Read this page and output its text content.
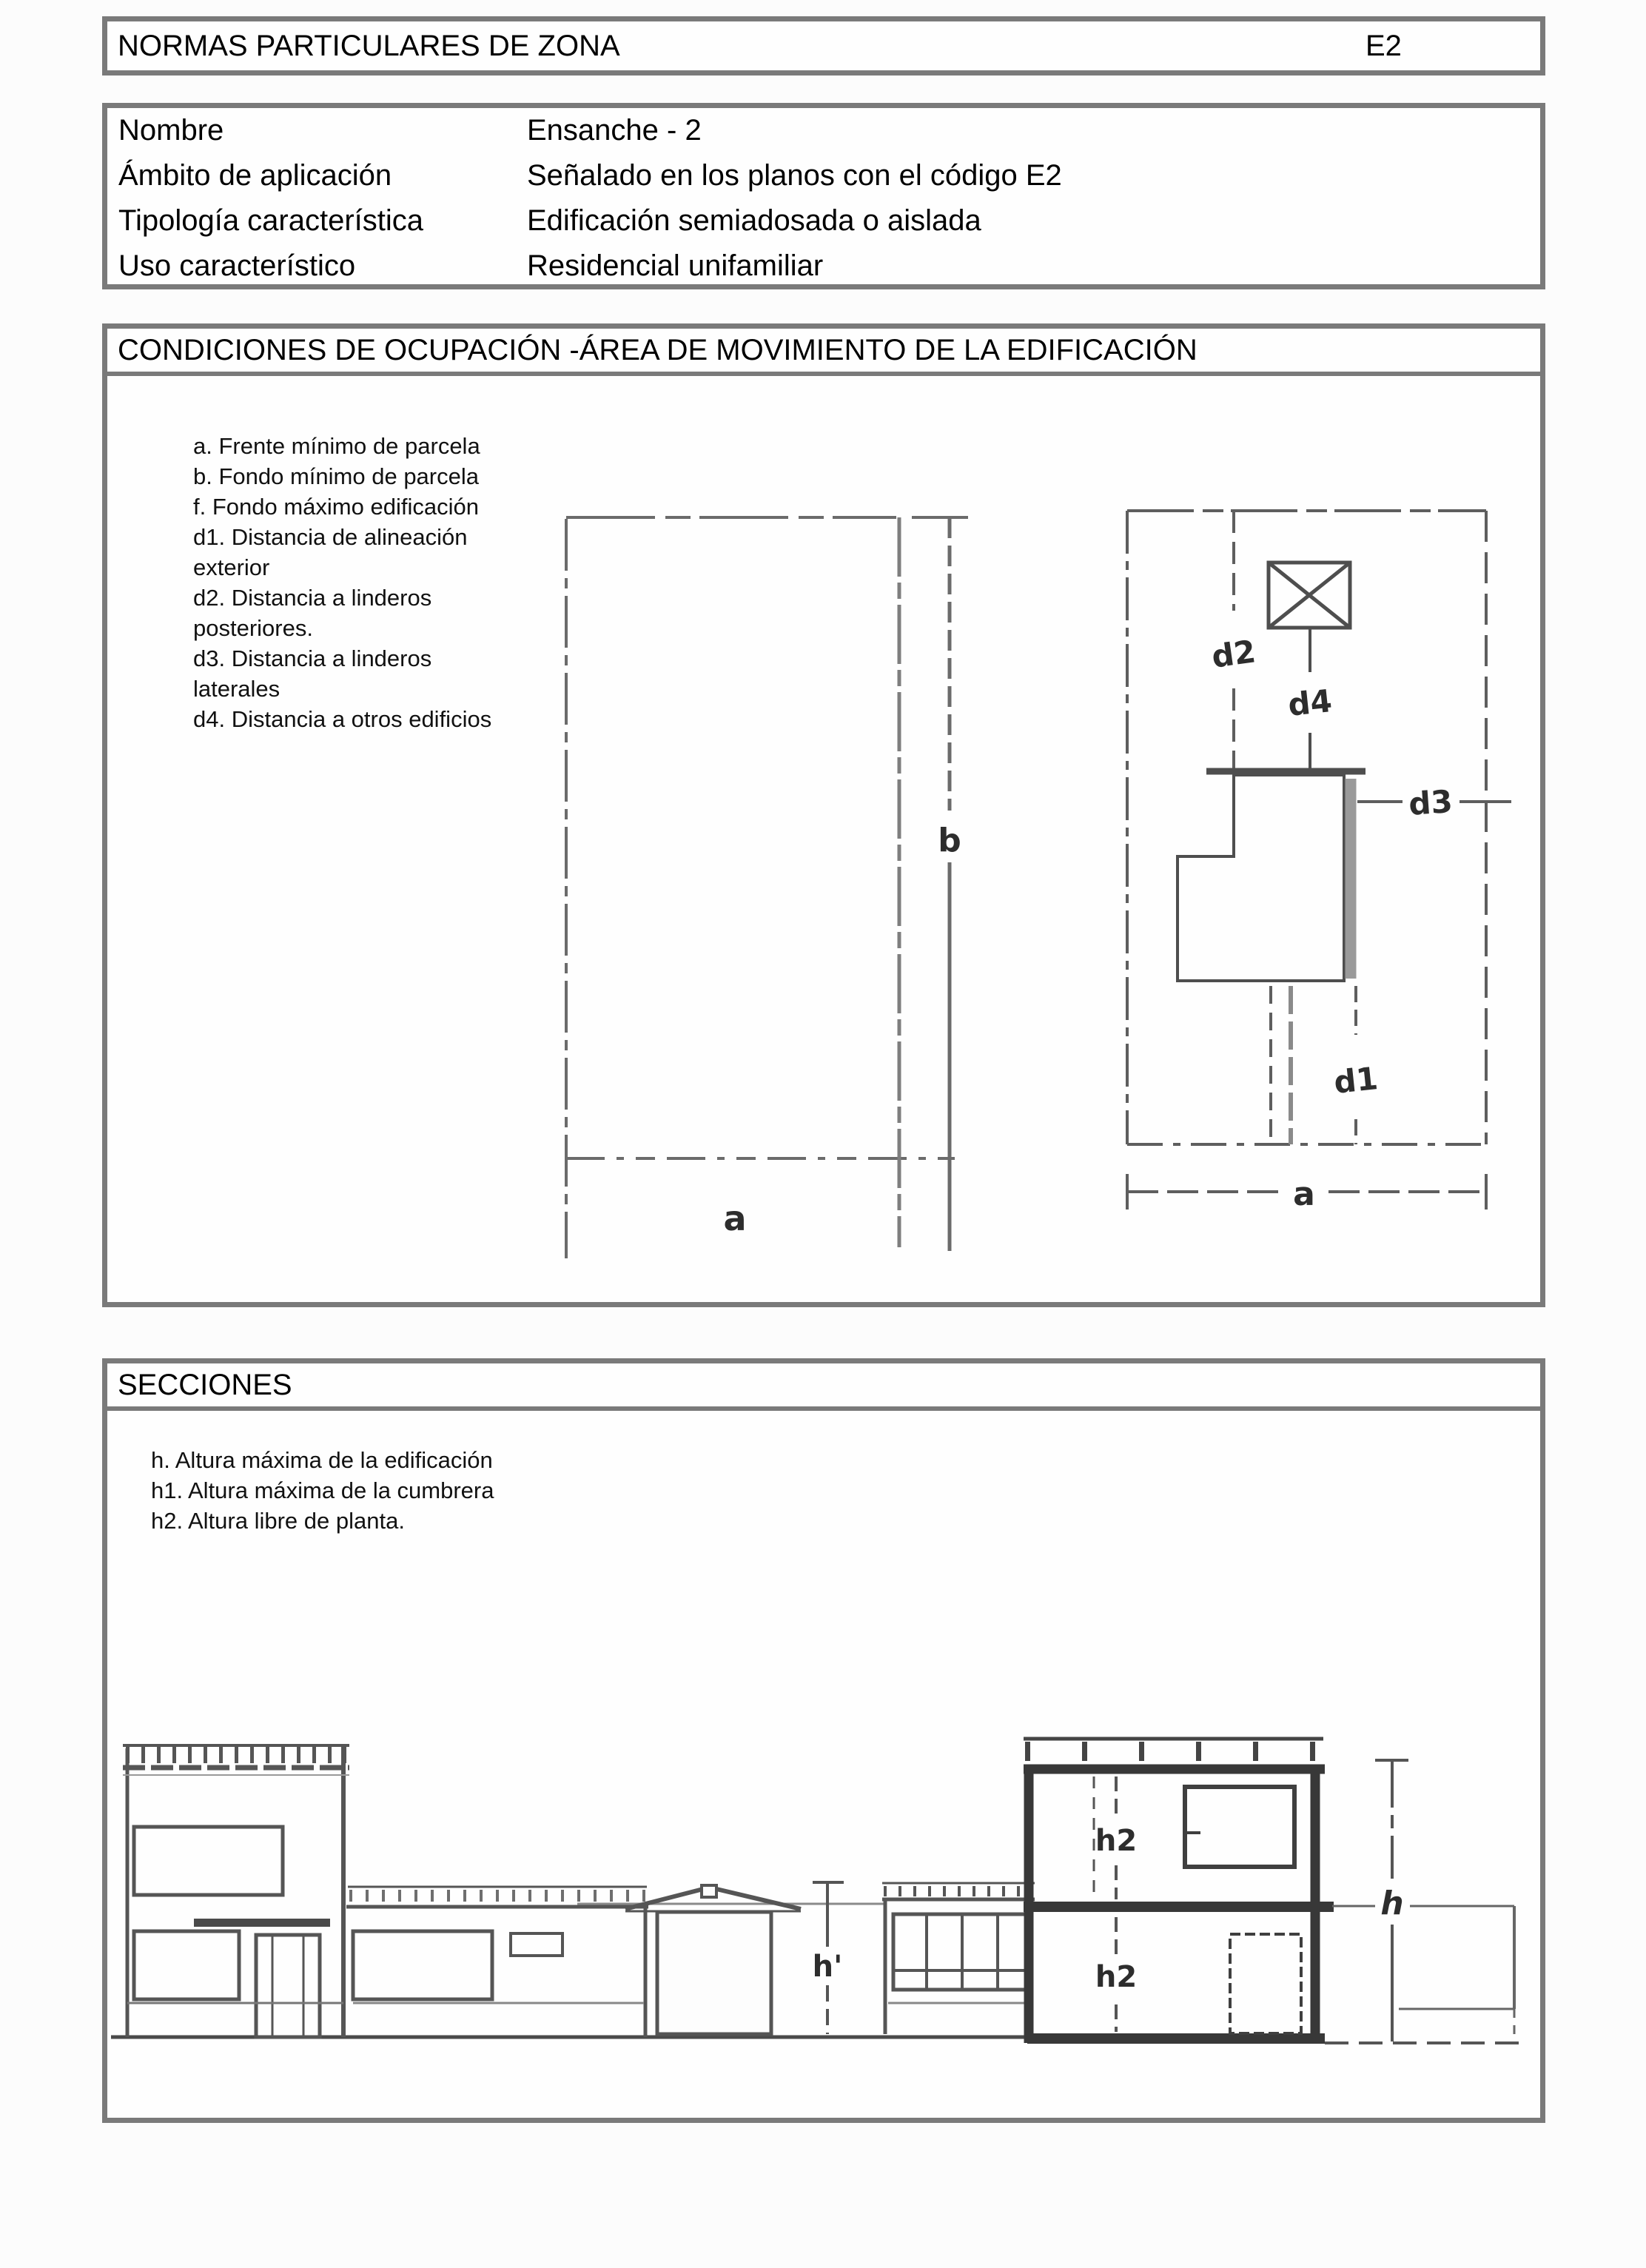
NORMAS PARTICULARES DE ZONA	E2
Nombre	Ensanche - 2
Ámbito de aplicación	Señalado en los planos con el código E2
Tipología característica	Edificación semiadosada o aislada
Uso característico	Residencial unifamiliar
CONDICIONES DE OCUPACIÓN -ÁREA DE MOVIMIENTO DE LA EDIFICACIÓN
a. Frente mínimo de parcela
b. Fondo mínimo de parcela
f. Fondo máximo edificación
d1. Distancia de alineación
exterior
d2. Distancia a linderos
posteriores.
d3. Distancia a linderos
laterales
d4. Distancia a otros edificios
SECCIONES
h. Altura máxima de la edificación
h1. Altura máxima de la cumbrera
h2. Altura libre de planta.
b
a
d2
d4
d3
d1
a
h2
h2
h'
h
